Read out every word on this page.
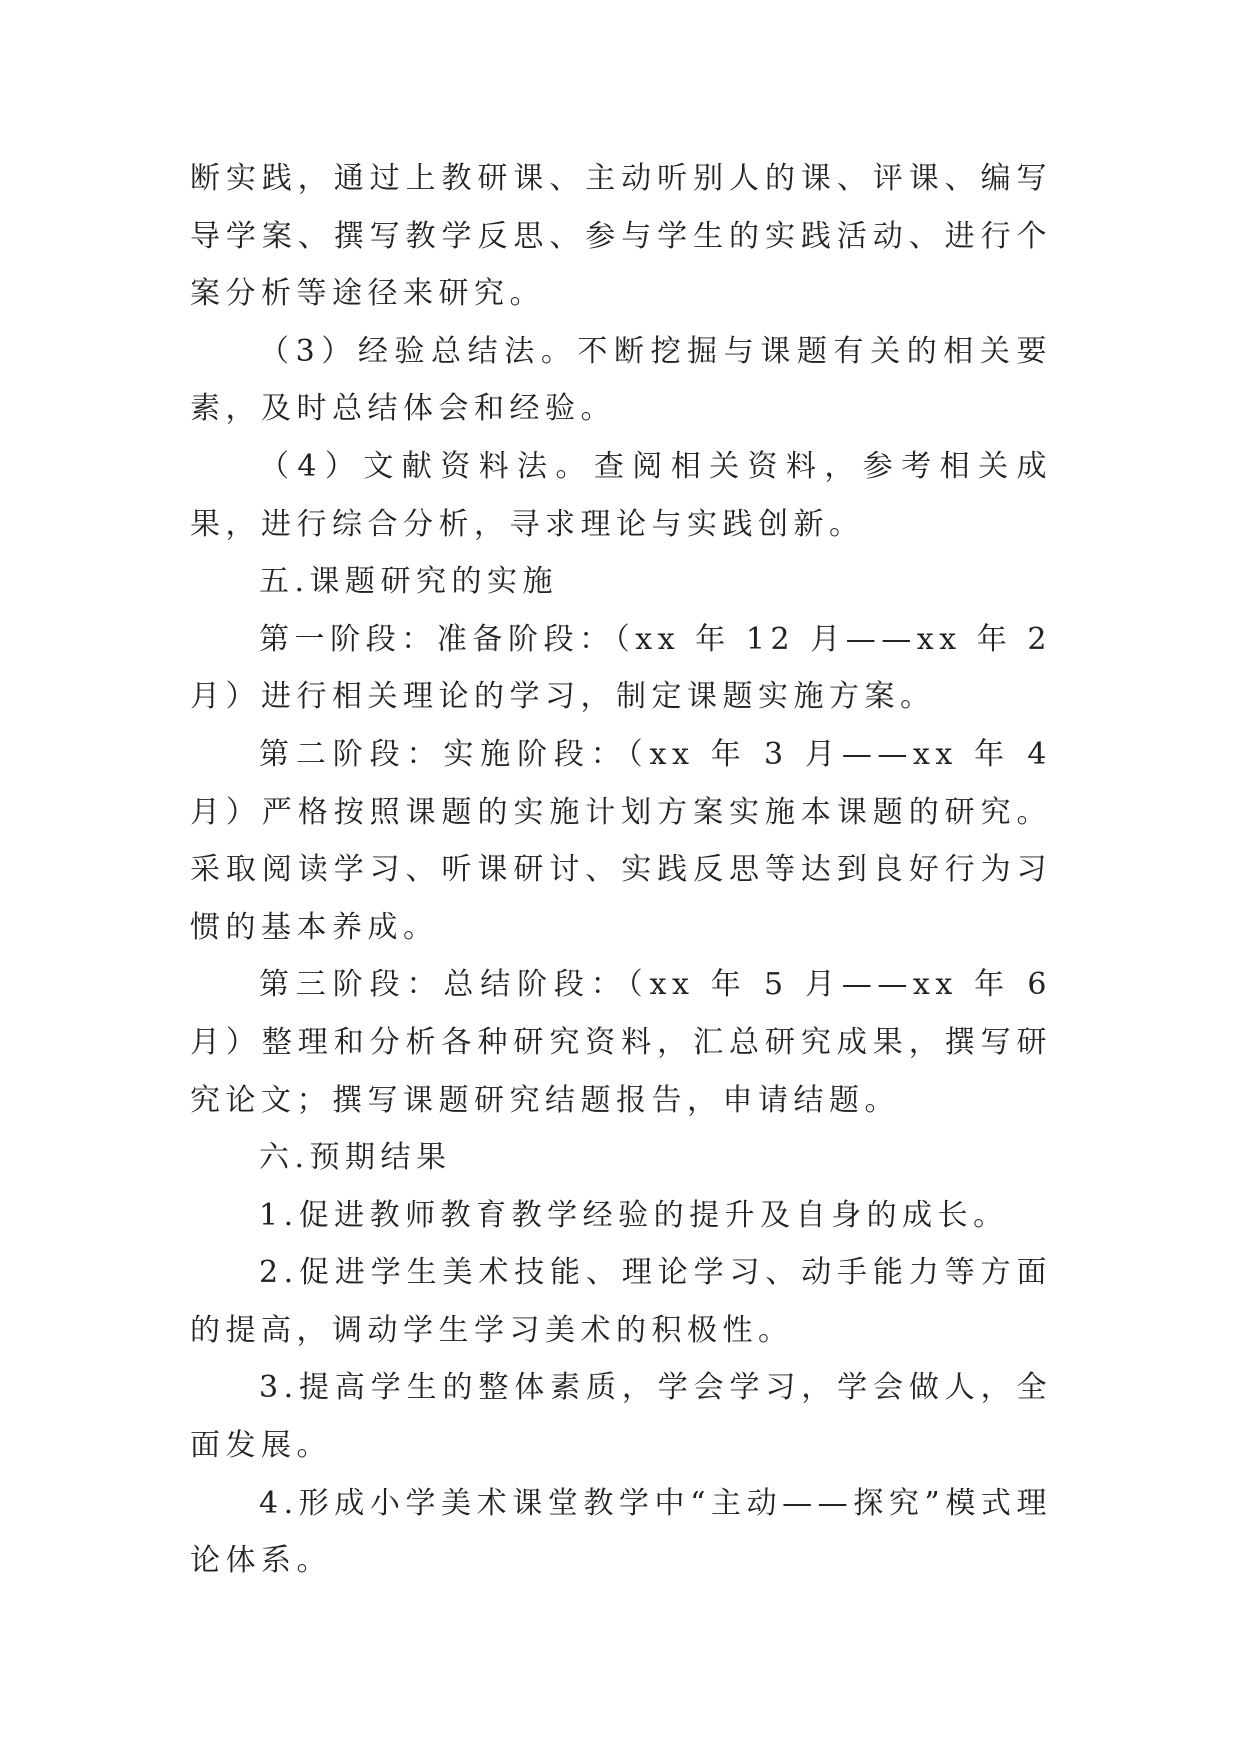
断实践，通过上教研课、主动听别人的课、评课、编写导学案、撰写教学反思、参与学生的实践活动、进行个案分析等途径来研究。

（3）经验总结法。不断挖掘与课题有关的相关要素，及时总结体会和经验。

（4）文献资料法。查阅相关资料，参考相关成果，进行综合分析，寻求理论与实践创新。

五.课题研究的实施

第一阶段：准备阶段：（xx 年 12 月——xx 年 2 月）进行相关理论的学习，制定课题实施方案。

第二阶段：实施阶段：（xx 年 3 月——xx 年 4 月）严格按照课题的实施计划方案实施本课题的研究。采取阅读学习、听课研讨、实践反思等达到良好行为习惯的基本养成。

第三阶段：总结阶段：（xx 年 5 月——xx 年 6 月）整理和分析各种研究资料，汇总研究成果，撰写研究论文；撰写课题研究结题报告，申请结题。

六.预期结果

1.促进教师教育教学经验的提升及自身的成长。

2.促进学生美术技能、理论学习、动手能力等方面的提高，调动学生学习美术的积极性。

3.提高学生的整体素质，学会学习，学会做人，全面发展。

4.形成小学美术课堂教学中“主动——探究”模式理论体系。
